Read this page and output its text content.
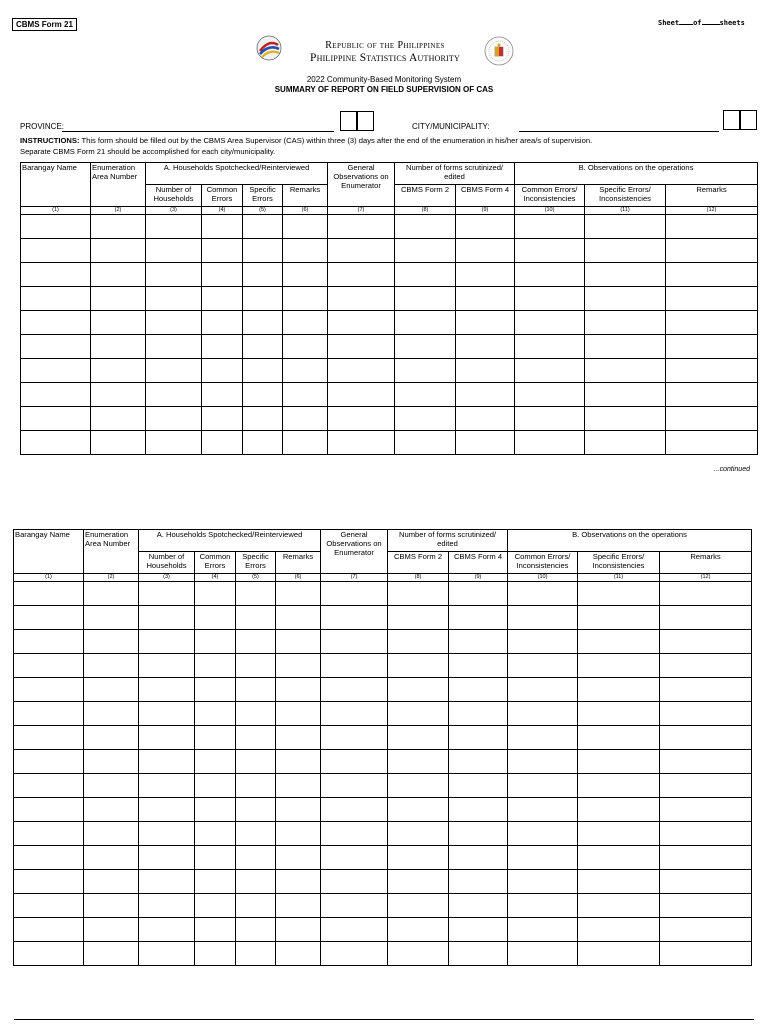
CBMS Form 21	Sheet of	sheets
Republic of the Philippines
Philippine Statistics Authority
2022 Community-Based Monitoring System
SUMMARY OF REPORT ON FIELD SUPERVISION OF CAS
PROVINCE:	CITY/MUNICIPALITY:
INSTRUCTIONS: This form should be filled out by the CBMS Area Supervisor (CAS) within three (3) days after the end of the enumeration in his/her area/s of supervision.
Separate CBMS Form 21 should be accomplished for each city/municipality.
Barangay Name	Enumeration Area Number	A. Households Spotchecked/Reinterviewed				General Observations on Enumerator	Number of forms scrutinized/ edited		B. Observations on the operations		
		Number of Households	Common Errors	Specific Errors	Remarks		CBMS Form 2	CBMS Form 4	Common Errors/ Inconsistencies	Specific Errors/ Inconsistencies	Remarks
(1)	(2)	(3)	(4)	(5)	(6)	(7)	(8)	(9)	(10)	(11)	(12)

...continued
Barangay Name	Enumeration Area Number	A. Households Spotchecked/Reinterviewed				General Observations on Enumerator	Number of forms scrutinized/ edited		B. Observations on the operations		
		Number of Households	Common Errors	Specific Errors	Remarks		CBMS Form 2	CBMS Form 4	Common Errors/ Inconsistencies	Specific Errors/ Inconsistencies	Remarks
(1)	(2)	(3)	(4)	(5)	(6)	(7)	(8)	(9)	(10)	(11)	(12)
